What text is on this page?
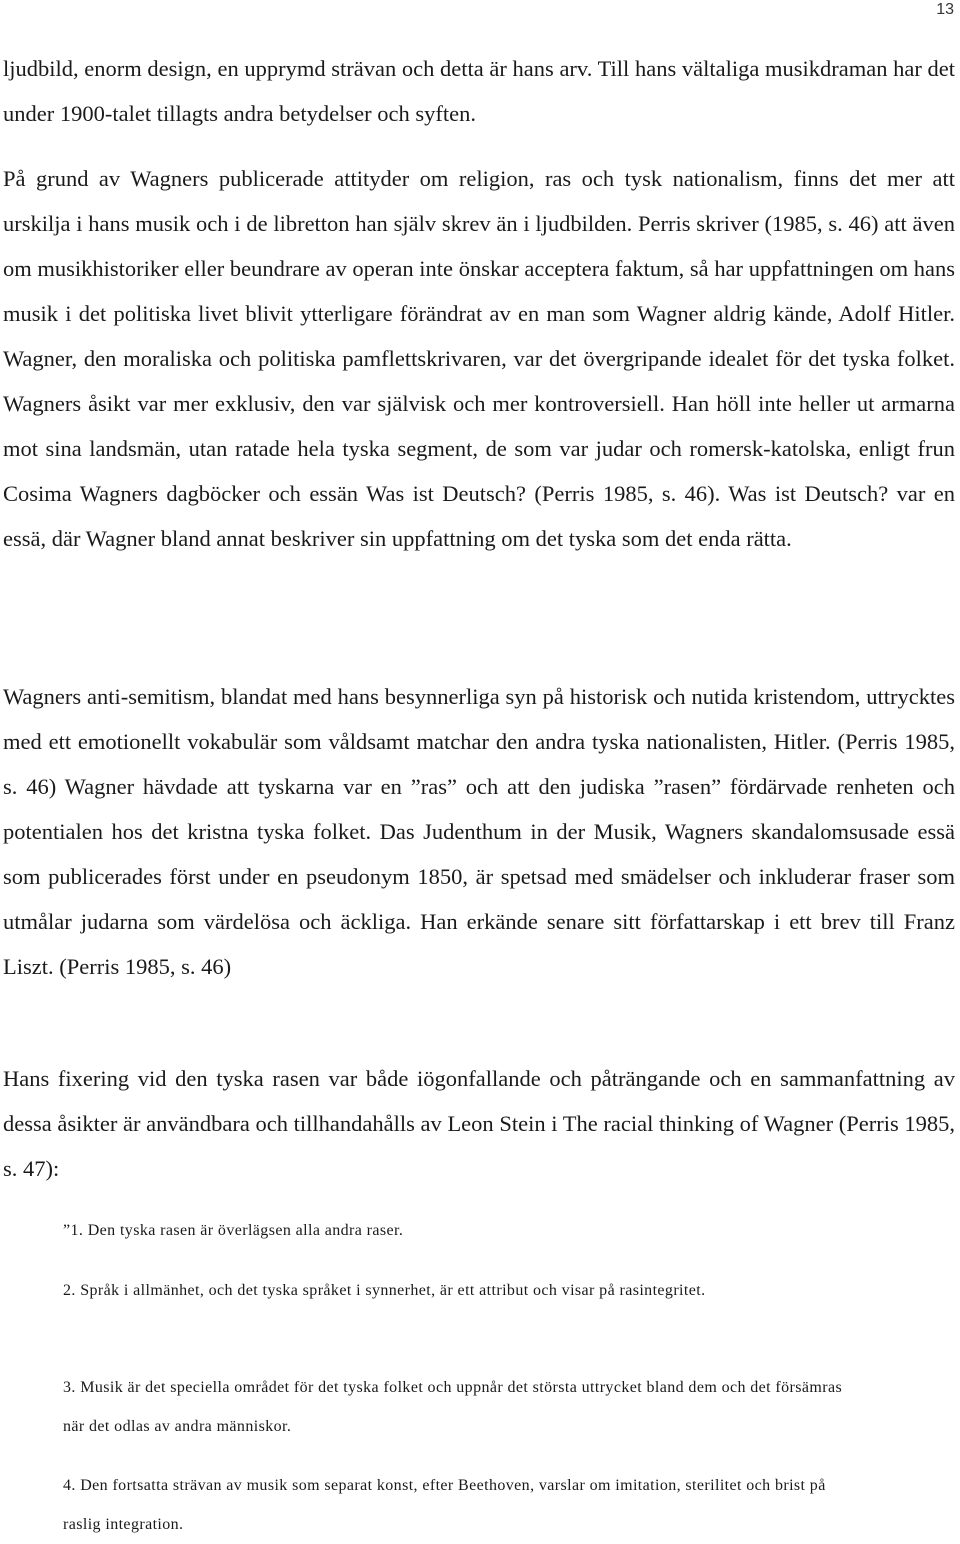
13

ljudbild, enorm design, en upprymd strävan och detta är hans arv. Till hans vältaliga musikdraman har det under 1900-talet tillagts andra betydelser och syften.

På grund av Wagners publicerade attityder om religion, ras och tysk nationalism, finns det mer att urskilja i hans musik och i de libretton han själv skrev än i ljudbilden. Perris skriver (1985, s. 46) att även om musikhistoriker eller beundrare av operan inte önskar acceptera faktum, så har uppfattningen om hans musik i det politiska livet blivit ytterligare förändrat av en man som Wagner aldrig kände, Adolf Hitler. Wagner, den moraliska och politiska pamflettskrivaren, var det övergripande idealet för det tyska folket. Wagners åsikt var mer exklusiv, den var självisk och mer kontroversiell. Han höll inte heller ut armarna mot sina landsmän, utan ratade hela tyska segment, de som var judar och romersk-katolska, enligt frun Cosima Wagners dagböcker och essän Was ist Deutsch? (Perris 1985, s. 46). Was ist Deutsch? var en essä, där Wagner bland annat beskriver sin uppfattning om det tyska som det enda rätta.

Wagners anti-semitism, blandat med hans besynnerliga syn på historisk och nutida kristendom, uttrycktes med ett emotionellt vokabulär som våldsamt matchar den andra tyska nationalisten, Hitler. (Perris 1985, s. 46) Wagner hävdade att tyskarna var en ”ras” och att den judiska ”rasen” fördärvade renheten och potentialen hos det kristna tyska folket. Das Judenthum in der Musik, Wagners skandalomsusade essä som publicerades först under en pseudonym 1850, är spetsad med smädelser och inkluderar fraser som utmålar judarna som värdelösa och äckliga. Han erkände senare sitt författarskap i ett brev till Franz Liszt. (Perris 1985, s. 46)

Hans fixering vid den tyska rasen var både iögonfallande och påträngande och en sammanfattning av dessa åsikter är användbara och tillhandahålls av Leon Stein i The racial thinking of Wagner (Perris 1985, s. 47):

”1. Den tyska rasen är överlägsen alla andra raser.

2. Språk i allmänhet, och det tyska språket i synnerhet, är ett attribut och visar på rasintegritet.

3. Musik är det speciella området för det tyska folket och uppnår det största uttrycket bland dem och det försämras när det odlas av andra människor.

4. Den fortsatta strävan av musik som separat konst, efter Beethoven, varslar om imitation, sterilitet och brist på raslig integration.
